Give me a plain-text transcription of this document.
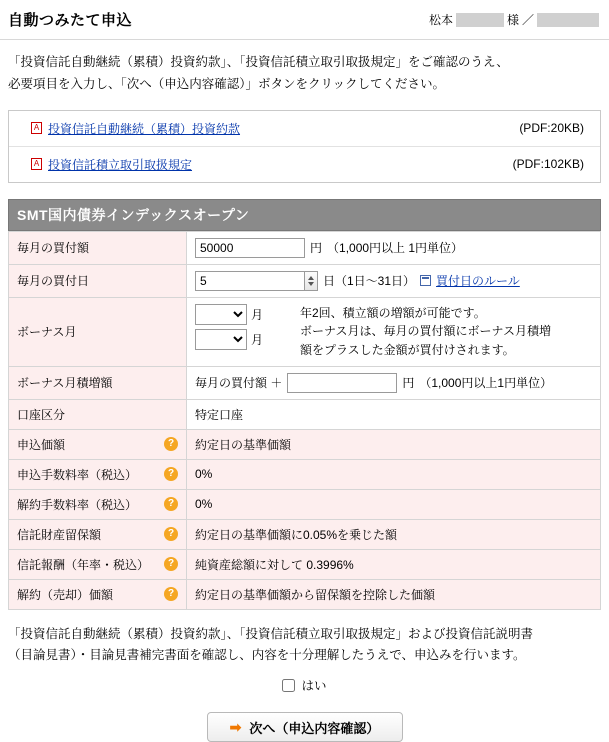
自動つみたて申込	松本	様 ／
「投資信託自動継続（累積）投資約款」、「投資信託積立取引取扱規定」をご確認のうえ、
必要項目を入力し、「次へ（申込内容確認）」ボタンをクリックしてください。
A 投資信託自動継続（累積）投資約款	(PDF:20KB)
A 投資信託積立取引取扱規定	(PDF:102KB)
SMT国内債券インデックスオープン
毎月の買付額	
50000円 （1,000円以上 1円単位）

毎月の買付日	
5日（1日～31日） 買付日のルール

ボーナス月	月
月
年2回、積立額の増額が可能です。
ボーナス月は、毎月の買付額にボーナス月積増
額をプラスした金額が買付けされます。

ボーナス月積増額	毎月の買付額 ＋ 円 （1,000円以上1円単位）

口座区分	特定口座
申込価額 ?	約定日の基準価額
申込手数料率（税込） ?	0%
解約手数料率（税込） ?	0%
信託財産留保額 ?	約定日の基準価額に0.05%を乗じた額
信託報酬（年率・税込） ?	純資産総額に対して 0.3996%
解約（売却）価額 ?	約定日の基準価額から留保額を控除した価額
「投資信託自動継続（累積）投資約款」、「投資信託積立取引取扱規定」および投資信託説明書
（目論見書）・目論見書補完書面を確認し、内容を十分理解したうえで、申込みを行います。
はい
➡ 次へ（申込内容確認）
